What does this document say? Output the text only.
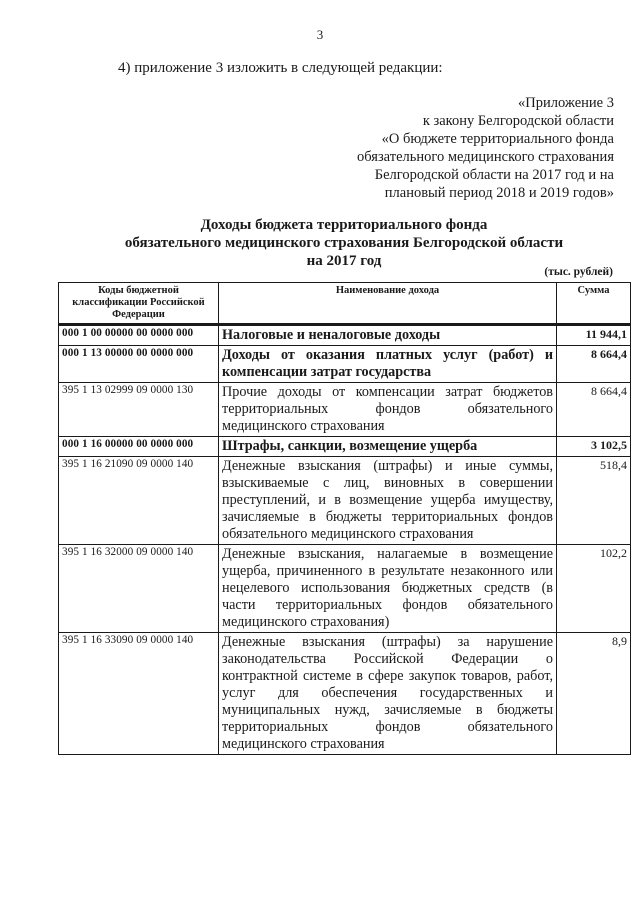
3
4) приложение 3 изложить в следующей редакции:
«Приложение 3
к закону Белгородской области
«О бюджете территориального фонда
обязательного медицинского страхования
Белгородской области на 2017 год и на
плановый период 2018 и 2019 годов»
Доходы бюджета территориального фонда
обязательного медицинского страхования Белгородской области
на 2017 год
(тыс. рублей)
Коды бюджетной классификации Российской Федерации	Наименование дохода	Сумма
000 1 00 00000 00 0000 000	Налоговые и неналоговые доходы	11 944,1
000 1 13 00000 00 0000 000	Доходы от оказания платных услуг (работ) и компенсации затрат государства	8 664,4
395 1 13 02999 09 0000 130	Прочие доходы от компенсации затрат бюджетов территориальных фондов обязательного медицинского страхования	8 664,4
000 1 16 00000 00 0000 000	Штрафы, санкции, возмещение ущерба	3 102,5
395 1 16 21090 09 0000 140	Денежные взыскания (штрафы) и иные суммы, взыскиваемые с лиц, виновных в совершении преступлений, и в возмещение ущерба имуществу, зачисляемые в бюджеты территориальных фондов обязательного медицинского страхования	518,4
395 1 16 32000 09 0000 140	Денежные взыскания, налагаемые в возмещение ущерба, причиненного в результате незаконного или нецелевого использования бюджетных средств (в части территориальных фондов обязательного медицинского страхования)	102,2
395 1 16 33090 09 0000 140	Денежные взыскания (штрафы) за нарушение законодательства Российской Федерации о контрактной системе в сфере закупок товаров, работ, услуг для обеспечения государственных и муниципальных нужд, зачисляемые в бюджеты территориальных фондов обязательного медицинского страхования	8,9
